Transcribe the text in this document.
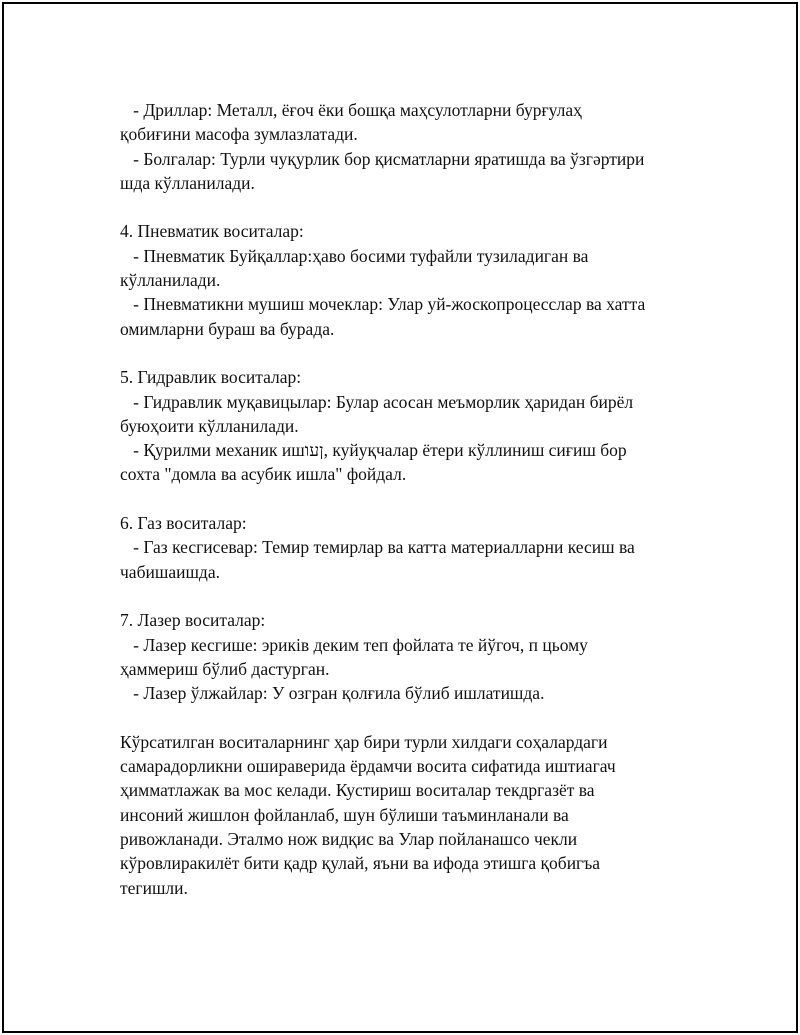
- Дриллар: Металл, ёғоч ёки бошқа маҳсулотларни бурғулаҳ
қобиғини масофа зумлазлатади.
- Болгалар: Турли чуқурлик бор қисматларни яратишда ва ўзгәртири
шда кўлланилади.
4. Пневматик воситалар:
- Пневматик Буйқаллар:ҳаво босими туфайли тузиладиган ва
кўлланилади.
- Пневматикни мушиш мочеклар: Улар уй-жоскопроцесслар ва хатта
омимларни бураш ва бурада.
5. Гидравлик воситалар:
- Гидравлик муқавицылар: Булар асосан меъморлик ҳаридан бирёл
буюҳоити кўлланилади.
- Қурилми механик ишןעו, куйуқчалар ётери кўллиниш сиғиш бор
сохта "домла ва асубик ишла" фойдал.
6. Газ воситалар:
- Газ кесгисевар: Темир темирлар ва катта материалларни кесиш ва
чабишаишда.
7. Лазер воситалар:
- Лазер кесгише: эриків деким теп фойлата те йўгоч, п цьому
ҳаммериш бўлиб дастурган.
- Лазер ўлжайлар: У озгран қолғила бўлиб ишлатишда.
Кўрсатилган воситаларнинг ҳар бири турли хилдаги соҳалардаги
самарадорликни оширaверида ёрдамчи восита сифатида иштиагач
ҳимматлажак ва мос келади. Кустириш воситалар текдргазёт ва
инсоний жишлон фойланлаб, шун бўлиши таъминланали ва
ривожланади. Эталмо нож видқис ва Улар пойланашсо чекли
кўровлиракилёт бити қадр қулай, яъни ва ифода этишга қобигъа
тегишли.
